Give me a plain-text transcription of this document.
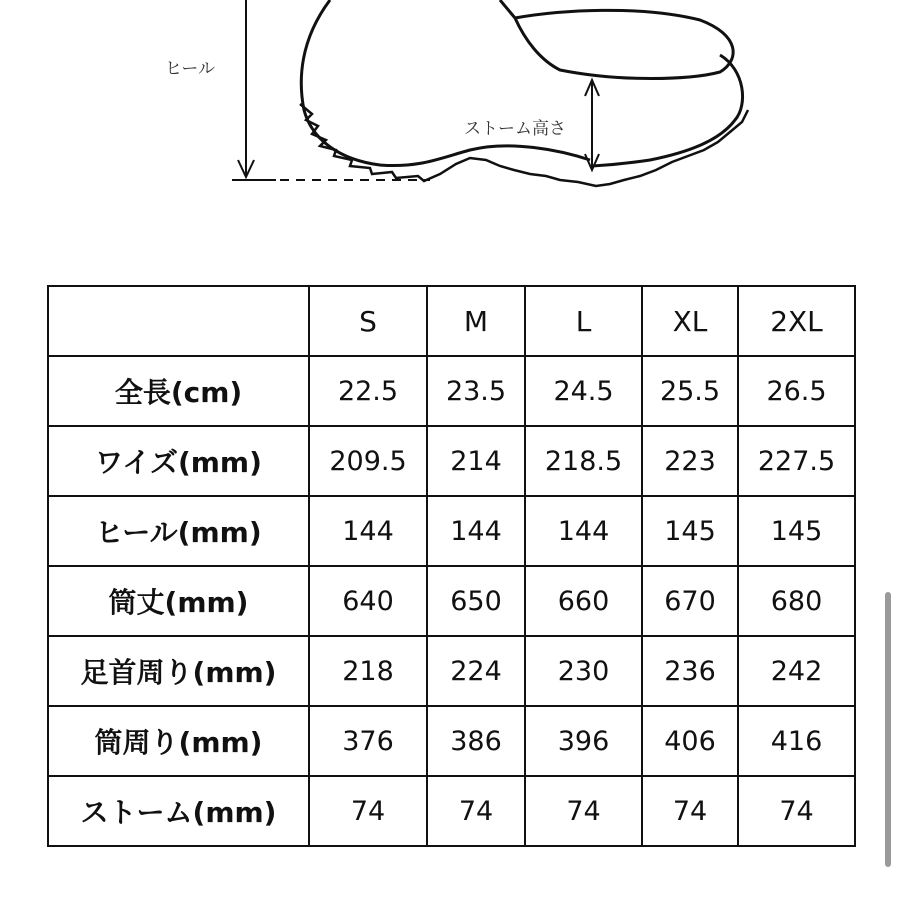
ヒール
ストーム高さ
	S	M	L	XL	2XL
全長(cm)	22.5	23.5	24.5	25.5	26.5
ワイズ(mm)	209.5	214	218.5	223	227.5
ヒール(mm)	144	144	144	145	145
筒丈(mm)	640	650	660	670	680
足首周り(mm)	218	224	230	236	242
筒周り(mm)	376	386	396	406	416
ストーム(mm)	74	74	74	74	74
